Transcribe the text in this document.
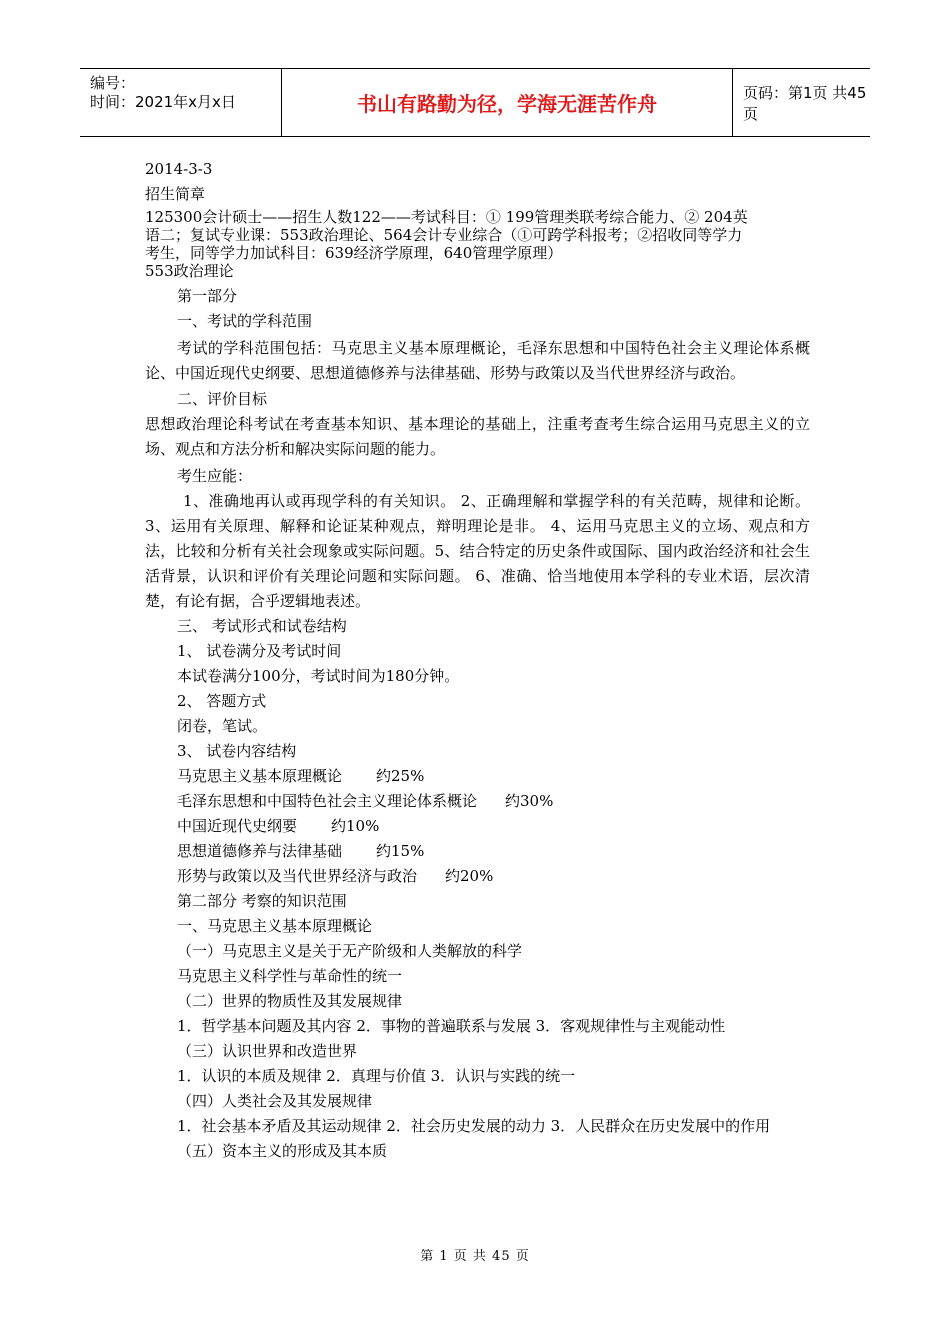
编号：
时间：2021年x月x日	书山有路勤为径，学海无涯苦作舟	页码：第1页 共45页
2014-3-3
招生简章
125300会计硕士——招生人数122——考试科目：① 199管理类联考综合能力、② 204英
语二；复试专业课：553政治理论、564会计专业综合（①可跨学科报考；②招收同等学力
考生，同等学力加试科目：639经济学原理，640管理学原理）
553政治理论
第一部分
一、考试的学科范围
考试的学科范围包括：马克思主义基本原理概论，毛泽东思想和中国特色社会主义理论体系概论、中国近现代史纲要、思想道德修养与法律基础、形势与政策以及当代世界经济与政治。
二、评价目标
思想政治理论科考试在考查基本知识、基本理论的基础上，注重考查考生综合运用马克思主义的立场、观点和方法分析和解决实际问题的能力。
考生应能：
1、准确地再认或再现学科的有关知识。 2、正确理解和掌握学科的有关范畴，规律和论断。3、运用有关原理、解释和论证某种观点，辩明理论是非。 4、运用马克思主义的立场、观点和方法，比较和分析有关社会现象或实际问题。5、结合特定的历史条件或国际、国内政治经济和社会生活背景，认识和评价有关理论问题和实际问题。 6、准确、恰当地使用本学科的专业术语，层次清楚，有论有据，合乎逻辑地表述。
三、 考试形式和试卷结构
1、 试卷满分及考试时间
本试卷满分100分，考试时间为180分钟。
2、 答题方式
闭卷，笔试。
3、 试卷内容结构
马克思主义基本原理概论 约25%
毛泽东思想和中国特色社会主义理论体系概论 约30%
中国近现代史纲要 约10%
思想道德修养与法律基础 约15%
形势与政策以及当代世界经济与政治 约20%
第二部分 考察的知识范围
一、马克思主义基本原理概论
（一）马克思主义是关于无产阶级和人类解放的科学
马克思主义科学性与革命性的统一
（二）世界的物质性及其发展规律
1．哲学基本问题及其内容 2．事物的普遍联系与发展 3．客观规律性与主观能动性
（三）认识世界和改造世界
1．认识的本质及规律 2．真理与价值 3．认识与实践的统一
（四）人类社会及其发展规律
1．社会基本矛盾及其运动规律 2．社会历史发展的动力 3．人民群众在历史发展中的作用
（五）资本主义的形成及其本质
第 1 页 共 45 页
